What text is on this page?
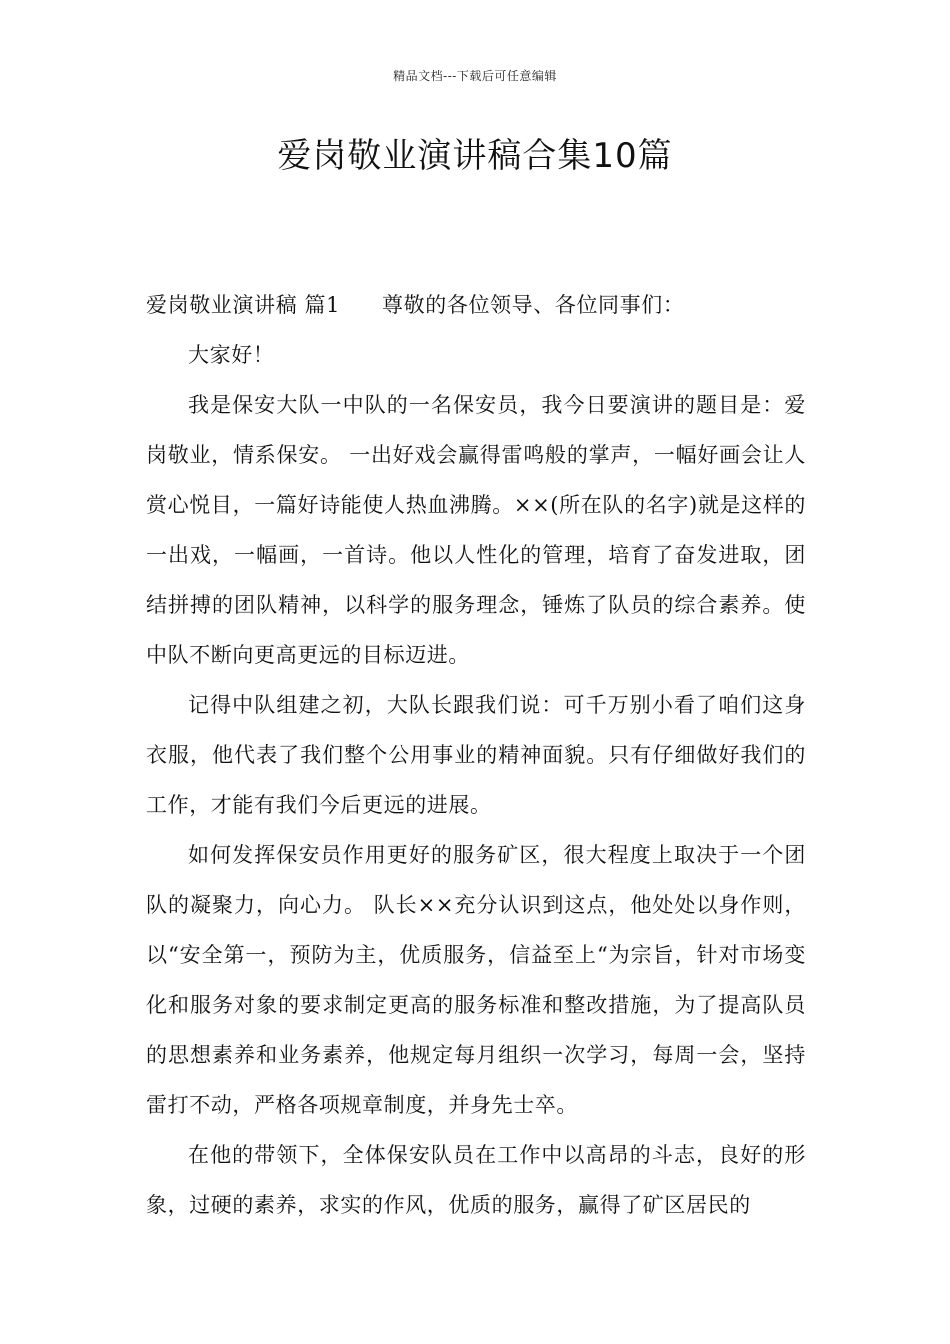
精品文档---下载后可任意编辑
爱岗敬业演讲稿合集10篇

爱岗敬业演讲稿 篇1 尊敬的各位领导、各位同事们：

大家好！

我是保安大队一中队的一名保安员，我今日要演讲的题目是：爱岗敬业，情系保安。 一出好戏会赢得雷鸣般的掌声，一幅好画会让人赏心悦目，一篇好诗能使人热血沸腾。××(所在队的名字)就是这样的一出戏，一幅画，一首诗。他以人性化的管理，培育了奋发进取，团结拼搏的团队精神，以科学的服务理念，锤炼了队员的综合素养。使中队不断向更高更远的目标迈进。

记得中队组建之初，大队长跟我们说：可千万别小看了咱们这身衣服，他代表了我们整个公用事业的精神面貌。只有仔细做好我们的工作，才能有我们今后更远的进展。

如何发挥保安员作用更好的服务矿区，很大程度上取决于一个团队的凝聚力，向心力。 队长××充分认识到这点，他处处以身作则，以“安全第一，预防为主，优质服务，信益至上“为宗旨，针对市场变化和服务对象的要求制定更高的服务标准和整改措施，为了提高队员的思想素养和业务素养，他规定每月组织一次学习，每周一会，坚持雷打不动，严格各项规章制度，并身先士卒。

在他的带领下，全体保安队员在工作中以高昂的斗志，良好的形象，过硬的素养，求实的作风，优质的服务，赢得了矿区居民的
